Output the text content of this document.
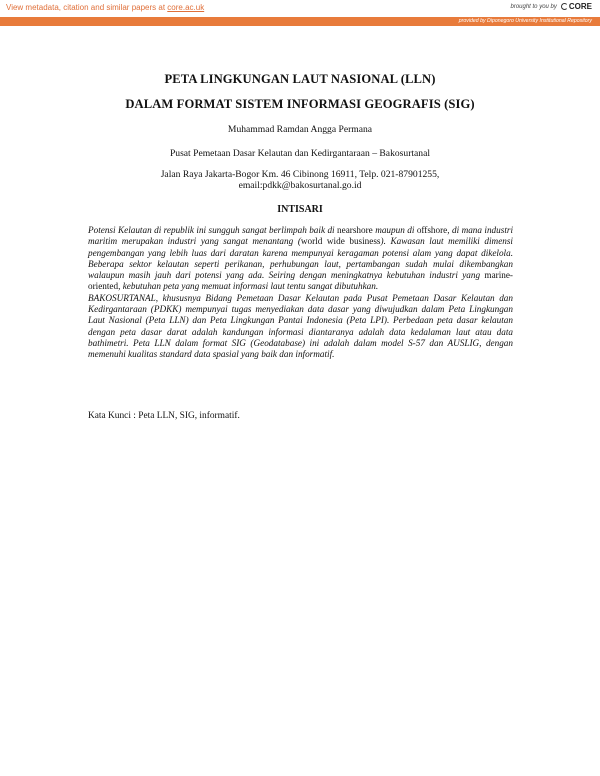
View metadata, citation and similar papers at core.ac.uk	brought to you by CORE
provided by Diponegoro University Institutional Repository
PETA LINGKUNGAN LAUT NASIONAL (LLN)
DALAM FORMAT SISTEM INFORMASI GEOGRAFIS (SIG)
Muhammad Ramdan Angga Permana
Pusat Pemetaan Dasar Kelautan dan Kedirgantaraan – Bakosurtanal
Jalan Raya Jakarta-Bogor Km. 46 Cibinong 16911, Telp. 021-87901255,
email:pdkk@bakosurtanal.go.id
INTISARI

Potensi Kelautan di republik ini sungguh sangat berlimpah baik di nearshore maupun di offshore, di mana industri maritim merupakan industri yang sangat menantang (world wide business). Kawasan laut memiliki dimensi pengembangan yang lebih luas dari daratan karena mempunyai keragaman potensi alam yang dapat dikelola. Beberapa sektor kelautan seperti perikanan, perhubungan laut, pertambangan sudah mulai dikembangkan walaupun masih jauh dari potensi yang ada. Seiring dengan meningkatnya kebutuhan industri yang marine-oriented, kebutuhan peta yang memuat informasi laut tentu sangat dibutuhkan.

BAKOSURTANAL, khususnya Bidang Pemetaan Dasar Kelautan pada Pusat Pemetaan Dasar Kelautan dan Kedirgantaraan (PDKK) mempunyai tugas menyediakan data dasar yang diwujudkan dalam Peta Lingkungan Laut Nasional (Peta LLN) dan Peta Lingkungan Pantai Indonesia (Peta LPI). Perbedaan peta dasar kelautan dengan peta dasar darat adalah kandungan informasi diantaranya adalah data kedalaman laut atau data bathimetri. Peta LLN dalam format SIG (Geodatabase) ini adalah dalam model S-57 dan AUSLIG, dengan memenuhi kualitas standard data spasial yang baik dan informatif.

Kata Kunci : Peta LLN, SIG, informatif.
